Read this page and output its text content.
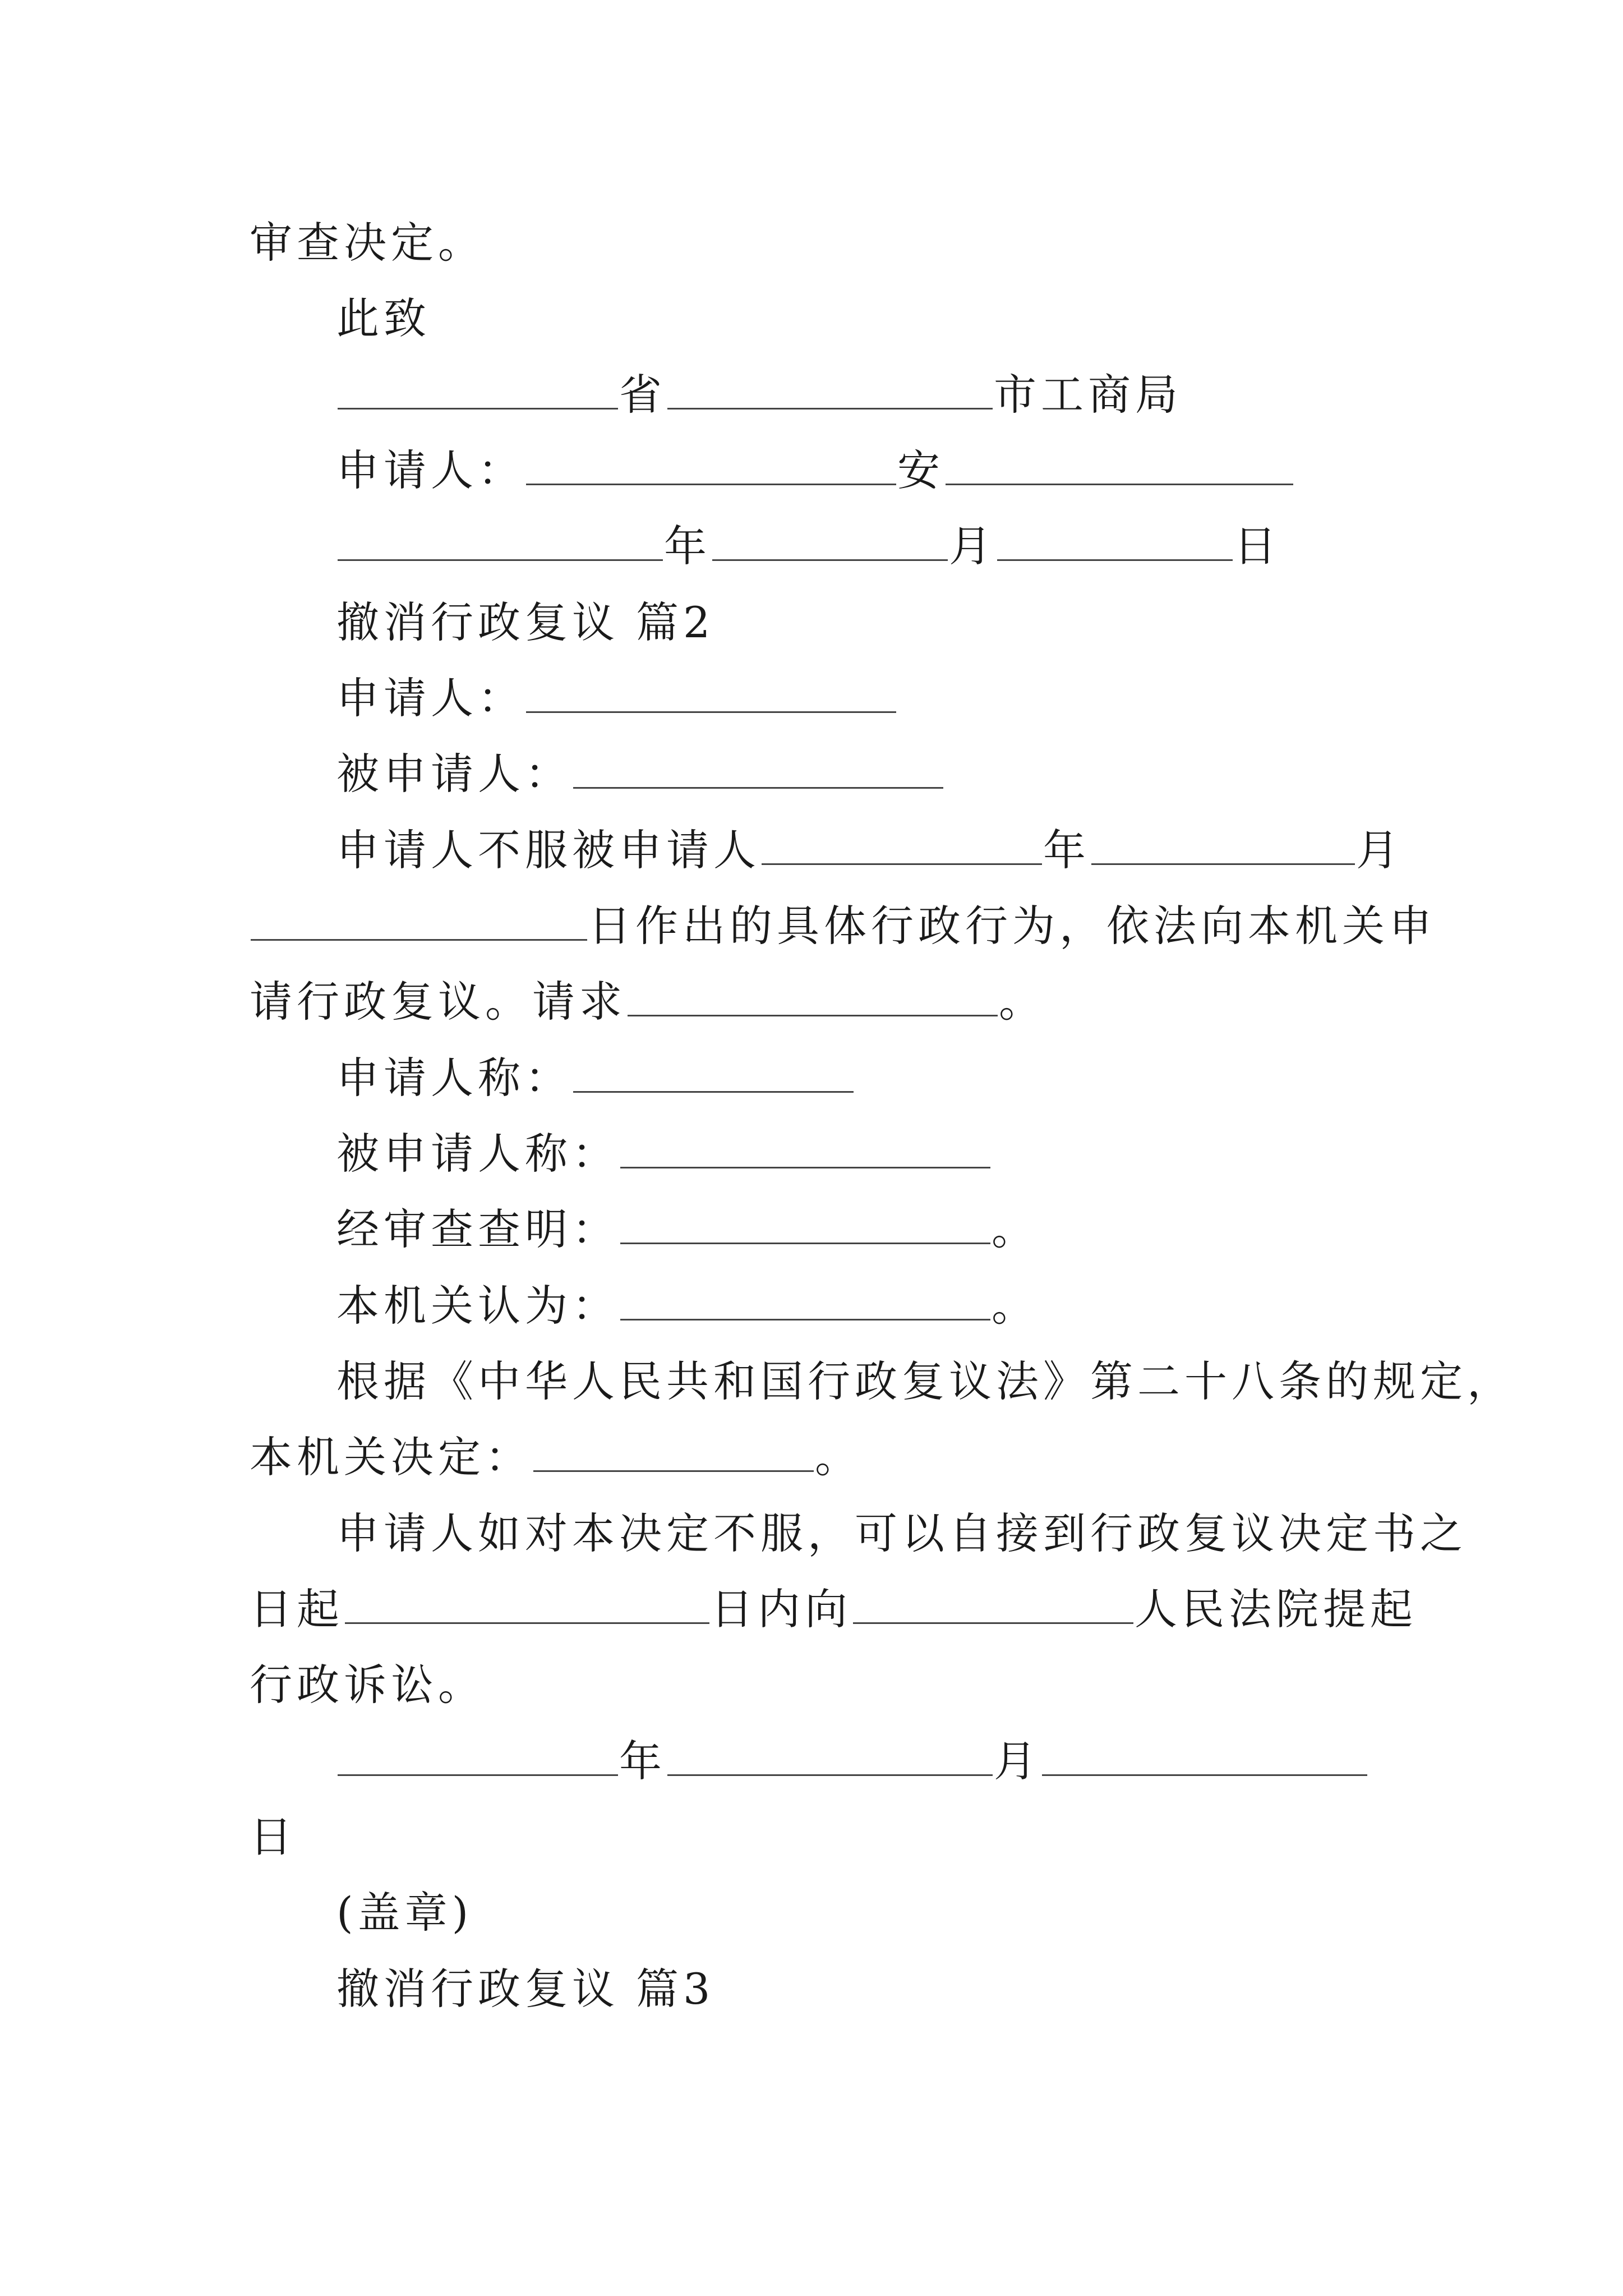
审查决定。
此致
省	市工商局
申请人：	安
年	月	日
撤消行政复议 篇2
申请人：
被申请人：
申请人不服被申请人	年	月
日作出的具体行政行为，依法向本机关申
请行政复议。请求	。
申请人称：
被申请人称：
经审查查明：	。
本机关认为：	。
根据《中华人民共和国行政复议法》第二十八条的规定，
本机关决定：	。
申请人如对本决定不服，可以自接到行政复议决定书之
日起	日内向	人民法院提起
行政诉讼。
年	月
日
(盖章)
撤消行政复议 篇3
